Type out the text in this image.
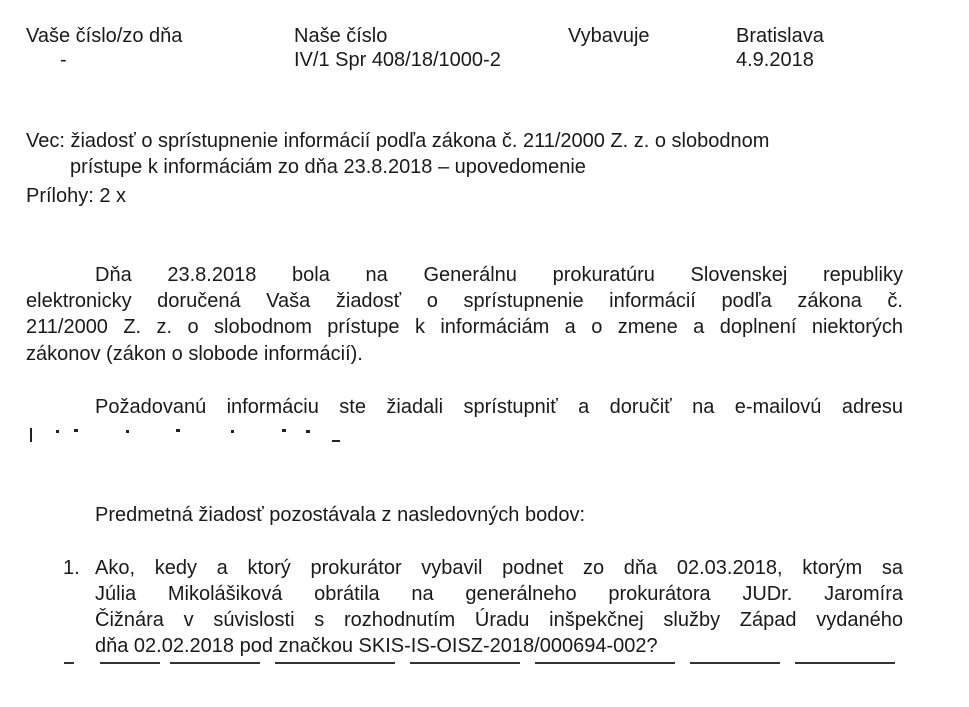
Vaše číslo/zo dňa
-
Naše číslo
IV/1 Spr 408/18/1000-2
Vybavuje	Bratislava
4.9.2018
Vec: žiadosť o sprístupnenie informácií podľa zákona č. 211/2000 Z. z. o slobodnom
prístupe k informáciám zo dňa 23.8.2018 – upovedomenie
Prílohy: 2 x
Dňa 23.8.2018 bola na Generálnu prokuratúru Slovenskej republiky
elektronicky doručená Vaša žiadosť o sprístupnenie informácií podľa zákona č.
211/2000 Z. z. o slobodnom prístupe k informáciám a o zmene a doplnení niektorých
zákonov (zákon o slobode informácií).
Požadovanú informáciu ste žiadali sprístupniť a doručiť na e-mailovú adresu
Predmetná žiadosť pozostávala z nasledovných bodov:
1. Ako, kedy a ktorý prokurátor vybavil podnet zo dňa 02.03.2018, ktorým sa
Júlia Mikolášiková obrátila na generálneho prokurátora JUDr. Jaromíra
Čižnára v súvislosti s rozhodnutím Úradu inšpekčnej služby Západ vydaného
dňa 02.02.2018 pod značkou SKIS-IS-OISZ-2018/000694-002?
